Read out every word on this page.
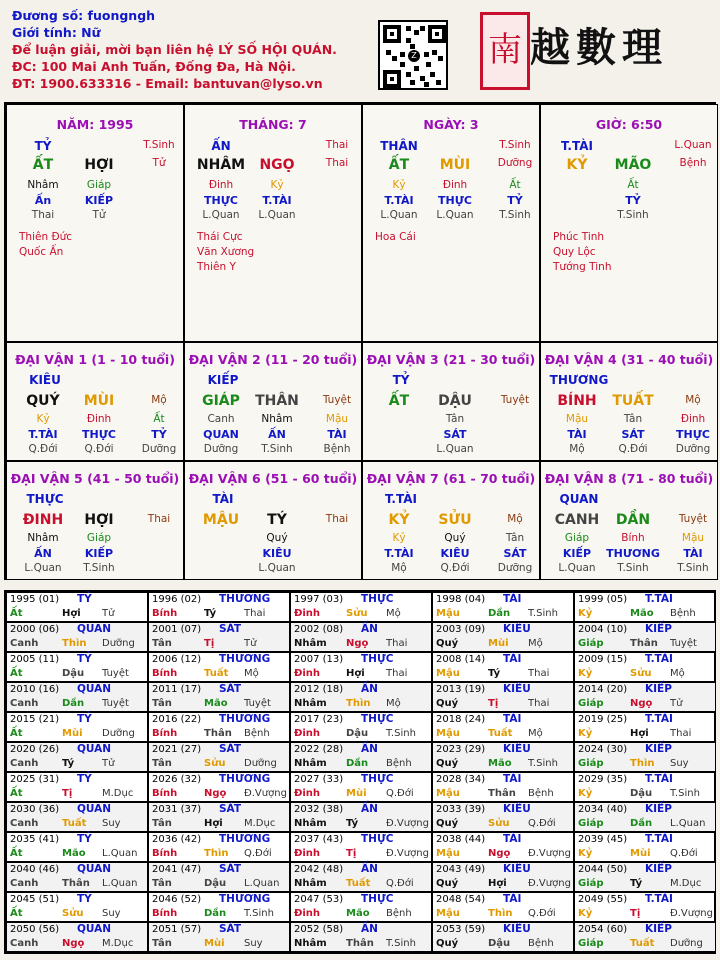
Đương số: fuongngh
Giới tính: Nữ
Để luận giải, mời bạn liên hệ LÝ SỐ HỘI QUÁN.
ĐC: 100 Mai Anh Tuấn, Đống Đa, Hà Nội.
ĐT: 1900.633316 - Email: bantuvan@lyso.vn
Z 南 越數理
NĂM: 1995
TỶ	T.Sinh
ẤT	HỢI	Tử
Nhâm
Ấn
Thai
Giáp
KIẾP
Tử
Thiên Đức
Quốc Ấn
THÁNG: 7
ẤN	Thai
NHÂM	NGỌ	Thai
Đinh
THỰC
L.Quan
Kỷ
T.TÀI
L.Quan
Thái Cực
Văn Xương
Thiên Y
NGÀY: 3
THÂN	T.Sinh
ẤT	MÙI	Dưỡng
Kỷ
T.TÀI
L.Quan
Đinh
THỰC
L.Quan
Ất
TỶ
T.Sinh
Hoa Cái
GIỜ: 6:50
T.TÀI	L.Quan
KỶ	MÃO	Bệnh
Ất
TỶ
T.Sinh
Phúc Tinh
Quy Lộc
Tướng Tinh
ĐẠI VẬN 1 (1 - 10 tuổi)
KIÊU
QUÝ	MÙI	Mộ
Kỷ
T.TÀI
Q.Đới
Đinh
THỰC
Q.Đới
Ất
TỶ
Dưỡng
ĐẠI VẬN 2 (11 - 20 tuổi)
KIẾP
GIÁP	THÂN	Tuyệt
Canh
QUAN
Dưỡng
Nhâm
ẤN
T.Sinh
Mậu
TÀI
Bệnh
ĐẠI VẬN 3 (21 - 30 tuổi)
TỶ
ẤT	DẬU	Tuyệt
Tân
SÁT
L.Quan
ĐẠI VẬN 4 (31 - 40 tuổi)
THƯƠNG
BÍNH	TUẤT	Mộ
Mậu
TÀI
Mộ
Tân
SÁT
Q.Đới
Đinh
THỰC
Dưỡng
ĐẠI VẬN 5 (41 - 50 tuổi)
THỰC
ĐINH	HỢI	Thai
Nhâm
ẤN
L.Quan
Giáp
KIẾP
T.Sinh
ĐẠI VẬN 6 (51 - 60 tuổi)
TÀI
MẬU	TÝ	Thai
Quý
KIÊU
L.Quan
ĐẠI VẬN 7 (61 - 70 tuổi)
T.TÀI
KỶ	SỬU	Mộ
Kỷ
T.TÀI
Mộ
Quý
KIÊU
Q.Đới
Tân
SÁT
Dưỡng
ĐẠI VẬN 8 (71 - 80 tuổi)
QUAN
CANH	DẦN	Tuyệt
Giáp
KIẾP
L.Quan
Bính
THƯƠNG
T.Sinh
Mậu
TÀI
T.Sinh
1995 (01) TỶ
Ất	Hợi Tử
1996 (02) THƯƠNG
Bính	Tý	Thai
1997 (03) THỰC
Đinh	Sửu Mộ
1998 (04) TÀI
Mậu	Dần T.Sinh
1999 (05) T.TÀI
Kỷ	Mão Bệnh
2000 (06) QUAN
Canh Thìn Dưỡng
2001 (07) SÁT
Tân	Tị	Tử
2002 (08) ẤN
Nhâm Ngọ Thai
2003 (09) KIÊU
Quý	Mùi Mộ
2004 (10) KIẾP
Giáp	Thân Tuyệt
2005 (11) TỶ
Ất	Dậu Tuyệt
2006 (12) THƯƠNG
Bính	Tuất Mộ
2007 (13) THỰC
Đinh	Hợi Thai
2008 (14) TÀI
Mậu	Tý	Thai
2009 (15) T.TÀI
Kỷ	Sửu Mộ
2010 (16) QUAN
Canh Dần Tuyệt
2011 (17) SÁT
Tân	Mão Tuyệt
2012 (18) ẤN
Nhâm Thìn Mộ
2013 (19) KIÊU
Quý	Tị	Thai
2014 (20) KIẾP
Giáp	Ngọ Tử
2015 (21) TỶ
Ất	Mùi Dưỡng
2016 (22) THƯƠNG
Bính	Thân Bệnh
2017 (23) THỰC
Đinh	Dậu T.Sinh
2018 (24) TÀI
Mậu	Tuất Mộ
2019 (25) T.TÀI
Kỷ	Hợi Thai
2020 (26) QUAN
Canh Tý	Tử
2021 (27) SÁT
Tân	Sửu Dưỡng
2022 (28) ẤN
Nhâm Dần Bệnh
2023 (29) KIÊU
Quý	Mão T.Sinh
2024 (30) KIẾP
Giáp	Thìn Suy
2025 (31) TỶ
Ất	Tị	M.Dục
2026 (32) THƯƠNG
Bính	Ngọ Đ.Vượng
2027 (33) THỰC
Đinh	Mùi Q.Đới
2028 (34) TÀI
Mậu	Thân Bệnh
2029 (35) T.TÀI
Kỷ	Dậu T.Sinh
2030 (36) QUAN
Canh Tuất Suy
2031 (37) SÁT
Tân	Hợi M.Dục
2032 (38) ẤN
Nhâm Tý	Đ.Vượng
2033 (39) KIÊU
Quý	Sửu Q.Đới
2034 (40) KIẾP
Giáp	Dần L.Quan
2035 (41) TỶ
Ất	Mão L.Quan
2036 (42) THƯƠNG
Bính	Thìn Q.Đới
2037 (43) THỰC
Đinh	Tị	Đ.Vượng
2038 (44) TÀI
Mậu	Ngọ Đ.Vượng
2039 (45) T.TÀI
Kỷ	Mùi Q.Đới
2040 (46) QUAN
Canh Thân L.Quan
2041 (47) SÁT
Tân	Dậu L.Quan
2042 (48) ẤN
Nhâm Tuất Q.Đới
2043 (49) KIÊU
Quý	Hợi Đ.Vượng
2044 (50) KIẾP
Giáp	Tý	M.Dục
2045 (51) TỶ
Ất	Sửu Suy
2046 (52) THƯƠNG
Bính	Dần T.Sinh
2047 (53) THỰC
Đinh	Mão Bệnh
2048 (54) TÀI
Mậu	Thìn Q.Đới
2049 (55) T.TÀI
Kỷ	Tị	Đ.Vượng
2050 (56) QUAN
Canh Ngọ M.Dục
2051 (57) SÁT
Tân	Mùi Suy
2052 (58) ẤN
Nhâm Thân T.Sinh
2053 (59) KIÊU
Quý	Dậu Bệnh
2054 (60) KIẾP
Giáp	Tuất Dưỡng
